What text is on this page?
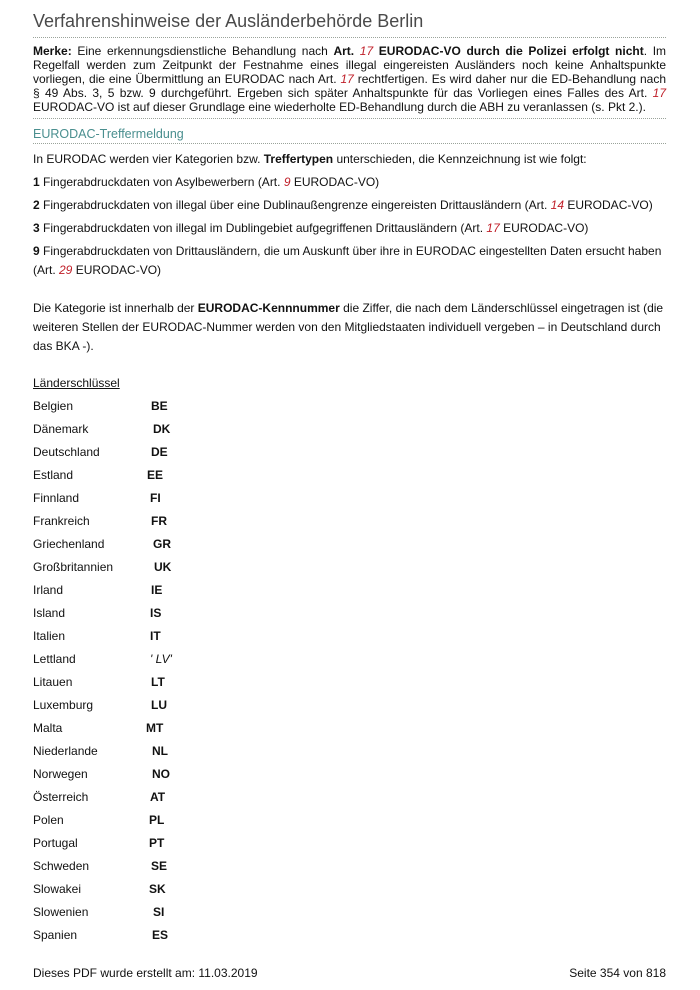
Verfahrenshinweise der Ausländerbehörde Berlin
Merke: Eine erkennungsdienstliche Behandlung nach Art. 17 EURODAC-VO durch die Polizei erfolgt nicht. Im Regelfall werden zum Zeitpunkt der Festnahme eines illegal eingereisten Ausländers noch keine Anhaltspunkte vorliegen, die eine Übermittlung an EURODAC nach Art. 17 rechtfertigen. Es wird daher nur die ED-Behandlung nach § 49 Abs. 3, 5 bzw. 9 durchgeführt. Ergeben sich später Anhaltspunkte für das Vorliegen eines Falles des Art. 17 EURODAC-VO ist auf dieser Grundlage eine wiederholte ED-Behandlung durch die ABH zu veranlassen (s. Pkt 2.).
EURODAC-Treffermeldung
In EURODAC werden vier Kategorien bzw. Treffertypen unterschieden, die Kennzeichnung ist wie folgt:
1 Fingerabdruckdaten von Asylbewerbern (Art. 9 EURODAC-VO)
2 Fingerabdruckdaten von illegal über eine Dublinaußengrenze eingereisten Drittausländern (Art. 14 EURODAC-VO)
3 Fingerabdruckdaten von illegal im Dublingebiet aufgegriffenen Drittausländern (Art. 17 EURODAC-VO)
9 Fingerabdruckdaten von Drittausländern, die um Auskunft über ihre in EURODAC eingestellten Daten ersucht haben (Art. 29 EURODAC-VO)
Die Kategorie ist innerhalb der EURODAC-Kennnummer die Ziffer, die nach dem Länderschlüssel eingetragen ist (die weiteren Stellen der EURODAC-Nummer werden von den Mitgliedstaaten individuell vergeben – in Deutschland durch das BKA -).
Länderschlüssel
Belgien	BE
Dänemark	DK
Deutschland	DE
Estland	EE
Finnland	FI
Frankreich	FR
Griechenland	GR
Großbritannien	UK
Irland	IE
Island	IS
Italien	IT
Lettland	' LV'
Litauen	LT
Luxemburg	LU
Malta	MT
Niederlande	NL
Norwegen	NO
Österreich	AT
Polen	PL
Portugal	PT
Schweden	SE
Slowakei	SK
Slowenien	SI
Spanien	ES
Dieses PDF wurde erstellt am: 11.03.2019	Seite 354 von 818
